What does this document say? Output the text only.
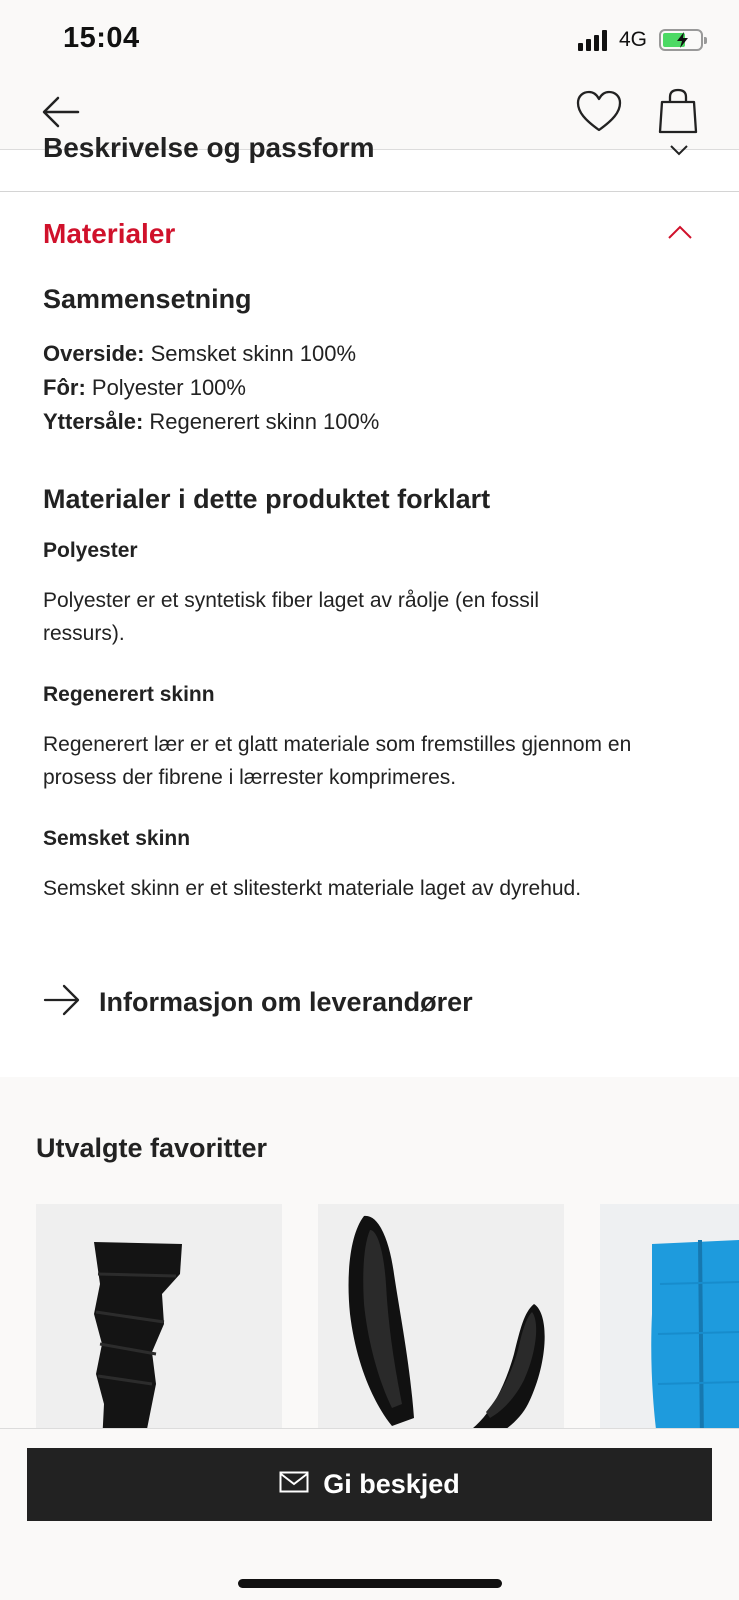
15:04	4G
Beskrivelse og passform
Materialer
Sammensetning
Overside: Semsket skinn 100%
Fôr: Polyester 100%
Yttersåle: Regenerert skinn 100%
Materialer i dette produktet forklart
Polyester
Polyester er et syntetisk fiber laget av råolje (en fossil ressurs).
Regenerert skinn
Regenerert lær er et glatt materiale som fremstilles gjennom en prosess der fibrene i lærrester komprimeres.
Semsket skinn
Semsket skinn er et slitesterkt materiale laget av dyrehud.
Informasjon om leverandører
Utvalgte favoritter
Gi beskjed
